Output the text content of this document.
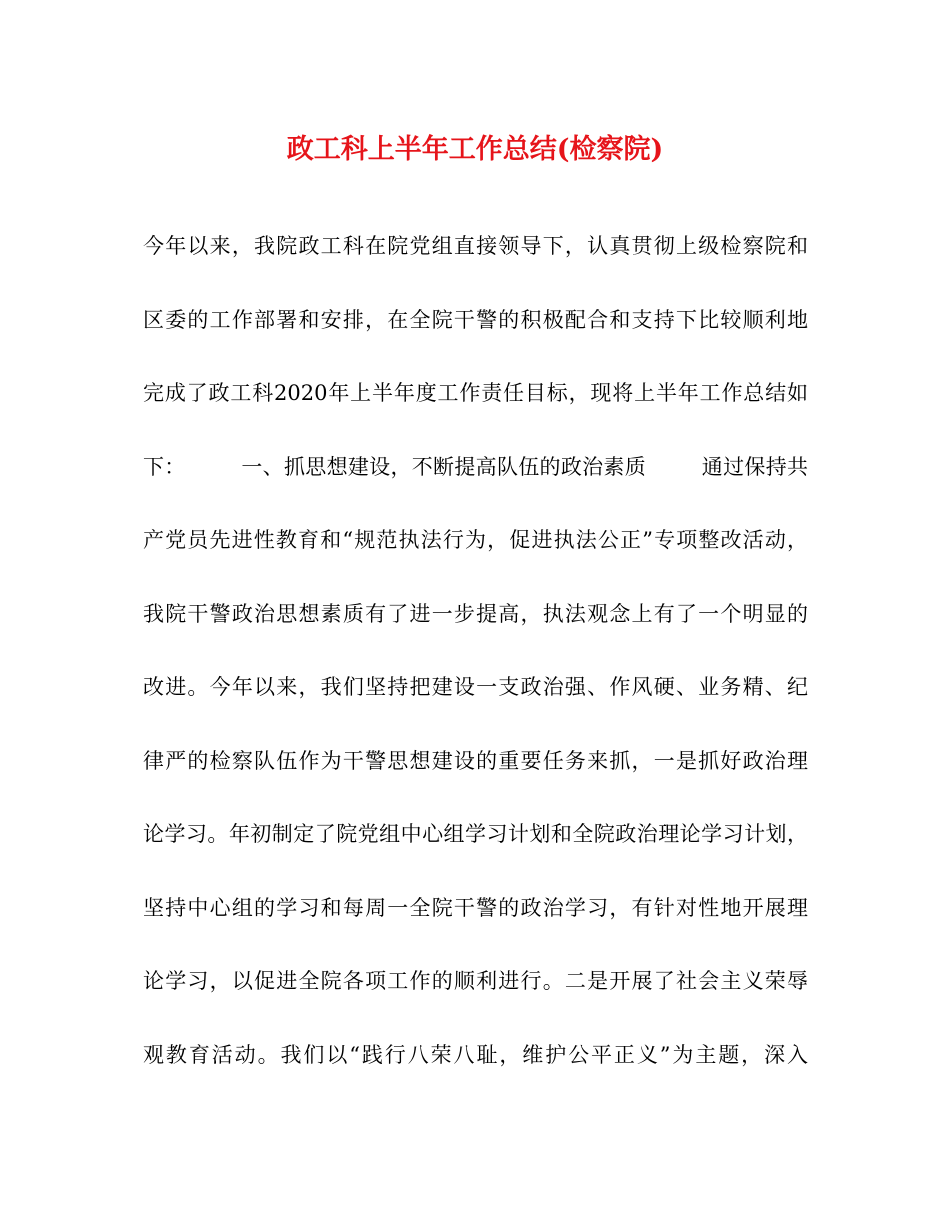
政工科上半年工作总结(检察院)
今年以来，我院政工科在院党组直接领导下，认真贯彻上级检察院和
区委的工作部署和安排，在全院干警的积极配合和支持下比较顺利地
完成了政工科2020年上半年度工作责任目标，现将上半年工作总结如
下：        一、抓思想建设，不断提高队伍的政治素质        通过保持共
产党员先进性教育和“规范执法行为，促进执法公正”专项整改活动，
我院干警政治思想素质有了进一步提高，执法观念上有了一个明显的
改进。今年以来，我们坚持把建设一支政治强、作风硬、业务精、纪
律严的检察队伍作为干警思想建设的重要任务来抓，一是抓好政治理
论学习。年初制定了院党组中心组学习计划和全院政治理论学习计划，
坚持中心组的学习和每周一全院干警的政治学习，有针对性地开展理
论学习，以促进全院各项工作的顺利进行。二是开展了社会主义荣辱
观教育活动。我们以“践行八荣八耻，维护公平正义”为主题，深入
